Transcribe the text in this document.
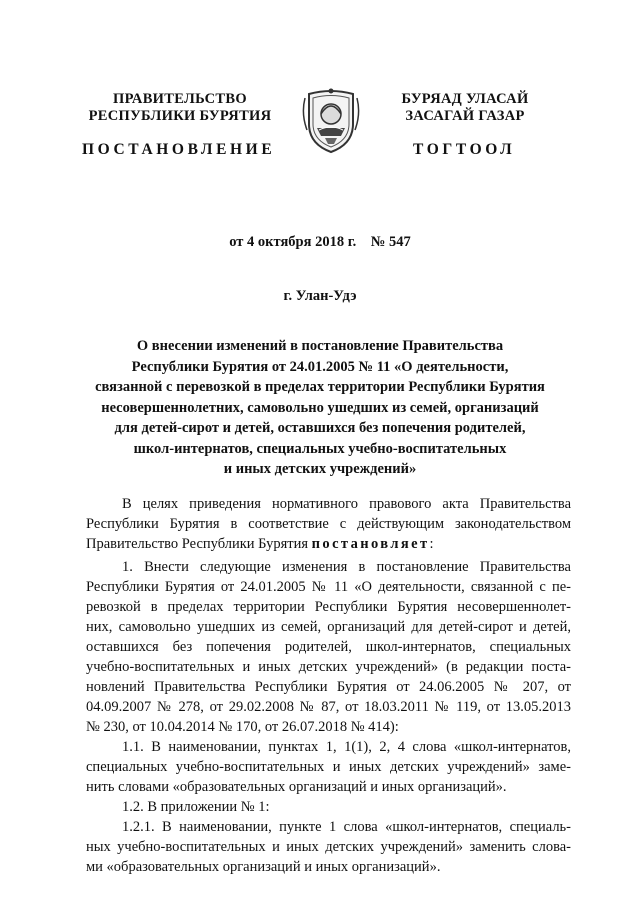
ПРАВИТЕЛЬСТВО
РЕСПУБЛИКИ БУРЯТИЯ
БУРЯАД УЛАСАЙ
ЗАСАГАЙ ГАЗАР
ПОСТАНОВЛЕНИЕ	ТОГТООЛ
от 4 октября 2018 г.    № 547
г. Улан-Удэ
О внесении изменений в постановление Правительства
Республики Бурятия от 24.01.2005 № 11 «О деятельности,
связанной с перевозкой в пределах территории Республики Бурятия
несовершеннолетних, самовольно ушедших из семей, организаций
для детей-сирот и детей, оставшихся без попечения родителей,
школ-интернатов, специальных учебно-воспитательных
и иных детских учреждений»
В целях приведения нормативного правового акта Правительства
Республики Бурятия в соответствие с действующим законодательством
Правительство Республики Бурятия постановляет:
1. Внести следующие изменения в постановление Правительства
Республики Бурятия от 24.01.2005 № 11 «О деятельности, связанной с пе-
ревозкой в пределах территории Республики Бурятия несовершеннолет-
них, самовольно ушедших из семей, организаций для детей-сирот и детей,
оставшихся без попечения родителей, школ-интернатов, специальных
учебно-воспитательных и иных детских учреждений» (в редакции поста-
новлений Правительства Республики Бурятия от 24.06.2005 № 207, от
04.09.2007 № 278, от 29.02.2008 № 87, от 18.03.2011 № 119, от 13.05.2013
№ 230, от 10.04.2014 № 170, от 26.07.2018 № 414):
1.1. В наименовании, пунктах 1, 1(1), 2, 4 слова «школ-интернатов,
специальных учебно-воспитательных и иных детских учреждений» заме-
нить словами «образовательных организаций и иных организаций».
1.2. В приложении № 1:
1.2.1. В наименовании, пункте 1 слова «школ-интернатов, специаль-
ных учебно-воспитательных и иных детских учреждений» заменить слова-
ми «образовательных организаций и иных организаций».
